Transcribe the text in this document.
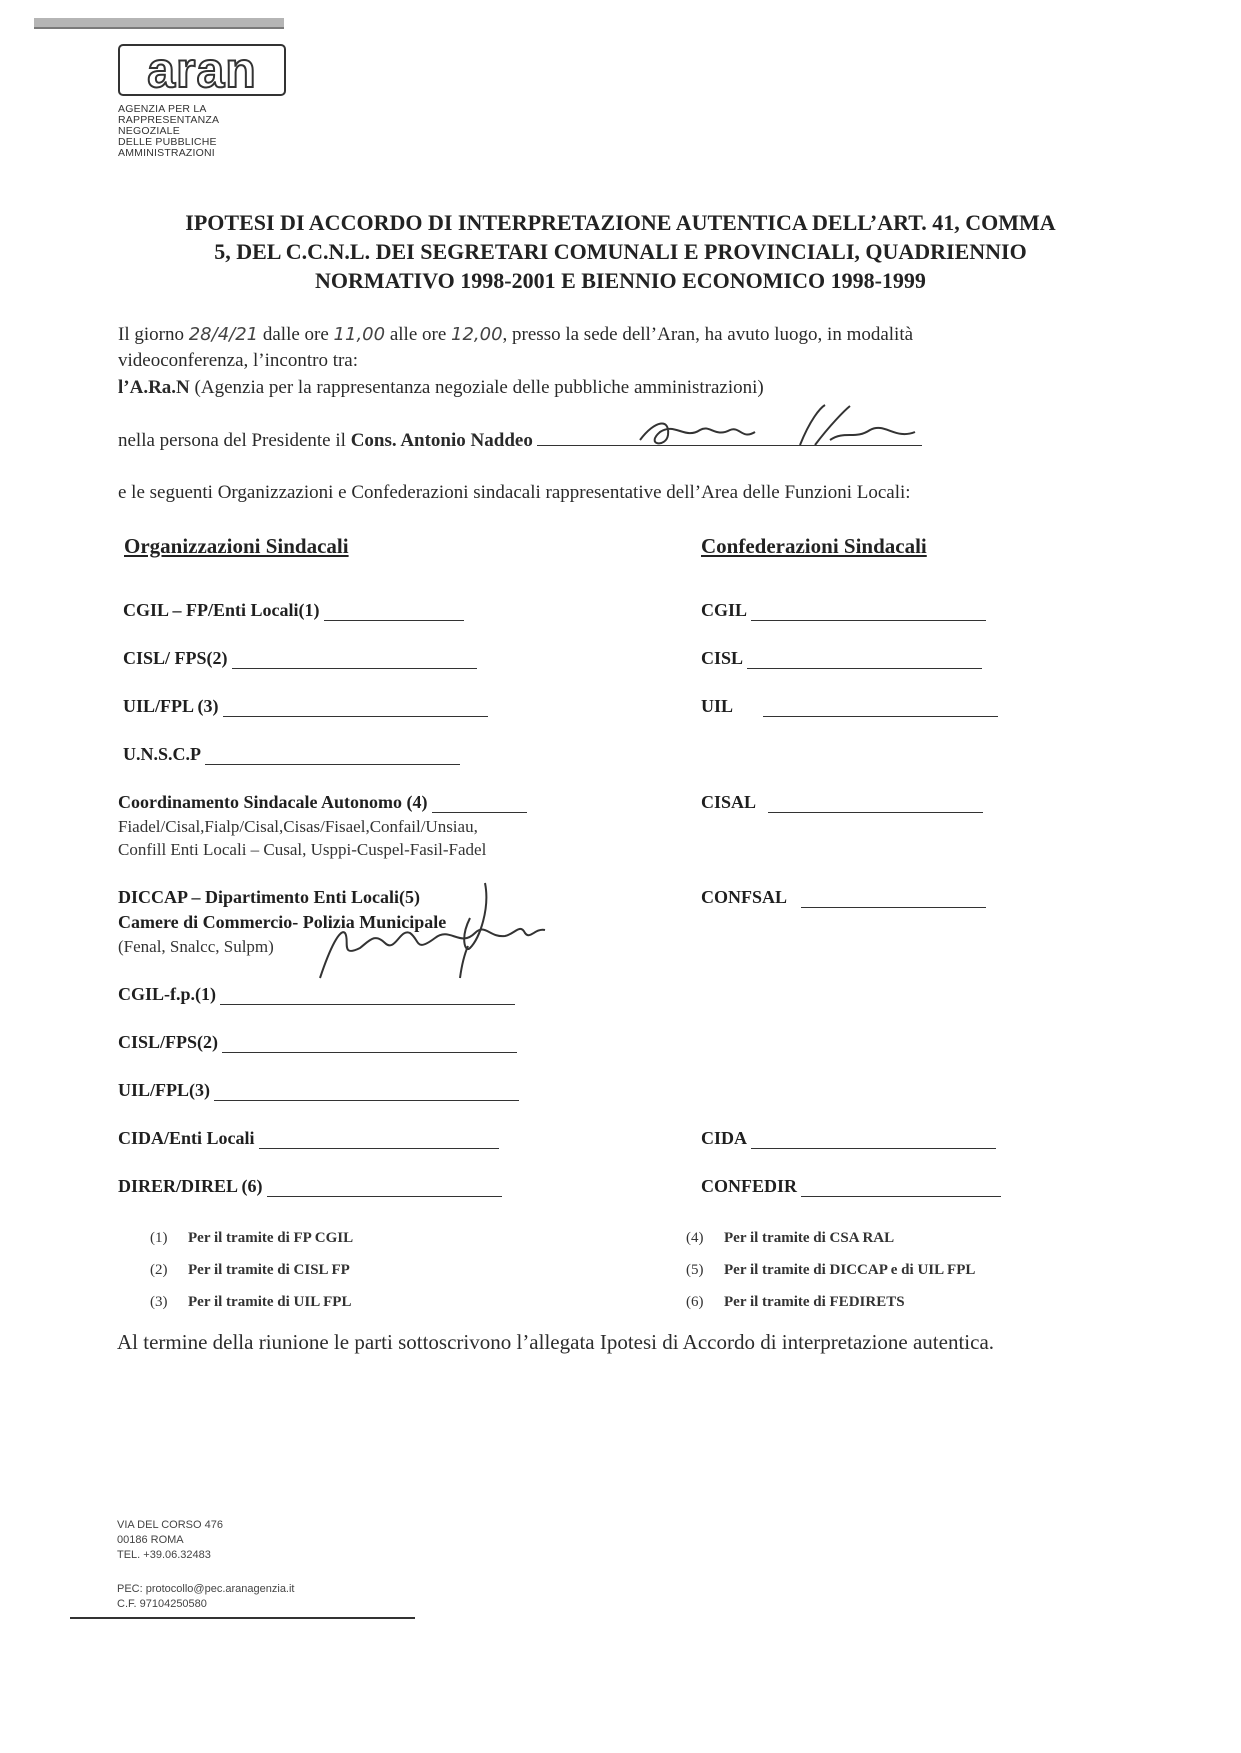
aran
AGENZIA PER LA
RAPPRESENTANZA
NEGOZIALE
DELLE PUBBLICHE
AMMINISTRAZIONI
IPOTESI DI ACCORDO DI INTERPRETAZIONE AUTENTICA DELL’ART. 41, COMMA
5, DEL C.C.N.L. DEI SEGRETARI COMUNALI E PROVINCIALI, QUADRIENNIO
NORMATIVO 1998-2001 E BIENNIO ECONOMICO 1998-1999
Il giorno 28/4/21 dalle ore 11,00 alle ore 12,00, presso la sede dell’Aran, ha avuto luogo, in modalità
videoconferenza, l’incontro tra:
l’A.Ra.N (Agenzia per la rappresentanza negoziale delle pubbliche amministrazioni)
nella persona del Presidente il Cons. Antonio Naddeo
e le seguenti Organizzazioni e Confederazioni sindacali rappresentative dell’Area delle Funzioni Locali:
Organizzazioni Sindacali	Confederazioni Sindacali
CGIL – FP/Enti Locali(1)
CISL/ FPS(2)
UIL/FPL (3)
U.N.S.C.P
Coordinamento Sindacale Autonomo (4)
Fiadel/Cisal,Fialp/Cisal,Cisas/Fisael,Confail/Unsiau,
Confill Enti Locali – Cusal, Usppi-Cuspel-Fasil-Fadel
DICCAP – Dipartimento Enti Locali(5)
Camere di Commercio- Polizia Municipale
(Fenal, Snalcc, Sulpm)
CGIL-f.p.(1)
CISL/FPS(2)
UIL/FPL(3)
CIDA/Enti Locali
DIRER/DIREL (6)
CGIL
CISL
UIL
CISAL
CONFSAL
CIDA
CONFEDIR
(1) Per il tramite di FP CGIL
(2) Per il tramite di CISL FP
(3) Per il tramite di UIL FPL
(4) Per il tramite di CSA RAL
(5) Per il tramite di DICCAP e di UIL FPL
(6) Per il tramite di FEDIRETS
Al termine della riunione le parti sottoscrivono l’allegata Ipotesi di Accordo di interpretazione autentica.
VIA DEL CORSO 476
00186 ROMA
TEL. +39.06.32483
PEC: protocollo@pec.aranagenzia.it
C.F. 97104250580
